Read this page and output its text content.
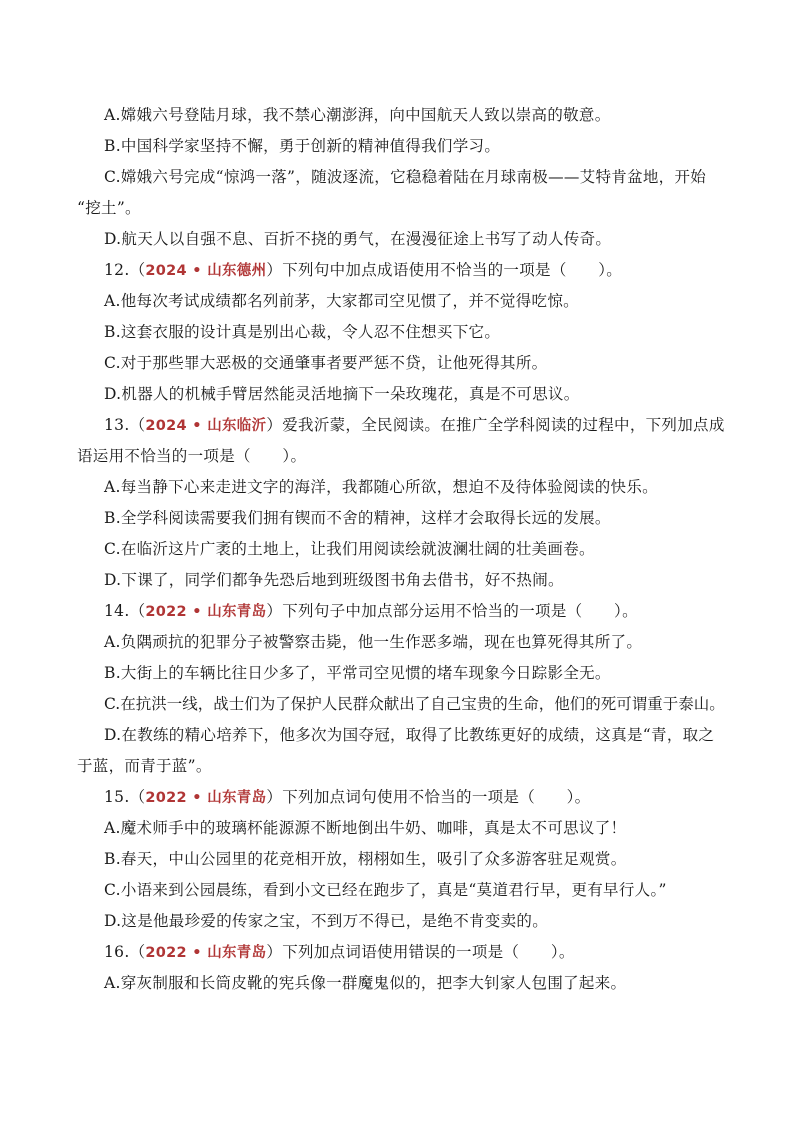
A.嫦娥六号登陆月球，我不禁心潮澎湃，向中国航天人致以崇高的敬意。
B.中国科学家坚持不懈，勇于创新的精神值得我们学习。
C.嫦娥六号完成“惊鸿一落”，随波逐流，它稳稳着陆在月球南极——艾特肯盆地，开始
“挖土”。
D.航天人以自强不息、百折不挠的勇气，在漫漫征途上书写了动人传奇。
12.（2024 • 山东德州）下列句中加点成语使用不恰当的一项是（　　）。
A.他每次考试成绩都名列前茅，大家都司空见惯了，并不觉得吃惊。
B.这套衣服的设计真是别出心裁，令人忍不住想买下它。
C.对于那些罪大恶极的交通肇事者要严惩不贷，让他死得其所。
D.机器人的机械手臂居然能灵活地摘下一朵玫瑰花，真是不可思议。
13.（2024 • 山东临沂）爱我沂蒙，全民阅读。在推广全学科阅读的过程中，下列加点成
语运用不恰当的一项是（　　）。
A.每当静下心来走进文字的海洋，我都随心所欲，想迫不及待体验阅读的快乐。
B.全学科阅读需要我们拥有锲而不舍的精神，这样才会取得长远的发展。
C.在临沂这片广袤的土地上，让我们用阅读绘就波澜壮阔的壮美画卷。
D.下课了，同学们都争先恐后地到班级图书角去借书，好不热闹。
14.（2022 • 山东青岛）下列句子中加点部分运用不恰当的一项是（　　）。
A.负隅顽抗的犯罪分子被警察击毙，他一生作恶多端，现在也算死得其所了。
B.大街上的车辆比往日少多了，平常司空见惯的堵车现象今日踪影全无。
C.在抗洪一线，战士们为了保护人民群众献出了自己宝贵的生命，他们的死可谓重于泰山。
D.在教练的精心培养下，他多次为国夺冠，取得了比教练更好的成绩，这真是“青，取之
于蓝，而青于蓝”。
15.（2022 • 山东青岛）下列加点词句使用不恰当的一项是（　　）。
A.魔术师手中的玻璃杯能源源不断地倒出牛奶、咖啡，真是太不可思议了！
B.春天，中山公园里的花竞相开放，栩栩如生，吸引了众多游客驻足观赏。
C.小语来到公园晨练，看到小文已经在跑步了，真是“莫道君行早，更有早行人。”
D.这是他最珍爱的传家之宝，不到万不得已，是绝不肯变卖的。
16.（2022 • 山东青岛）下列加点词语使用错误的一项是（　　）。
A.穿灰制服和长筒皮靴的宪兵像一群魔鬼似的，把李大钊家人包围了起来。
